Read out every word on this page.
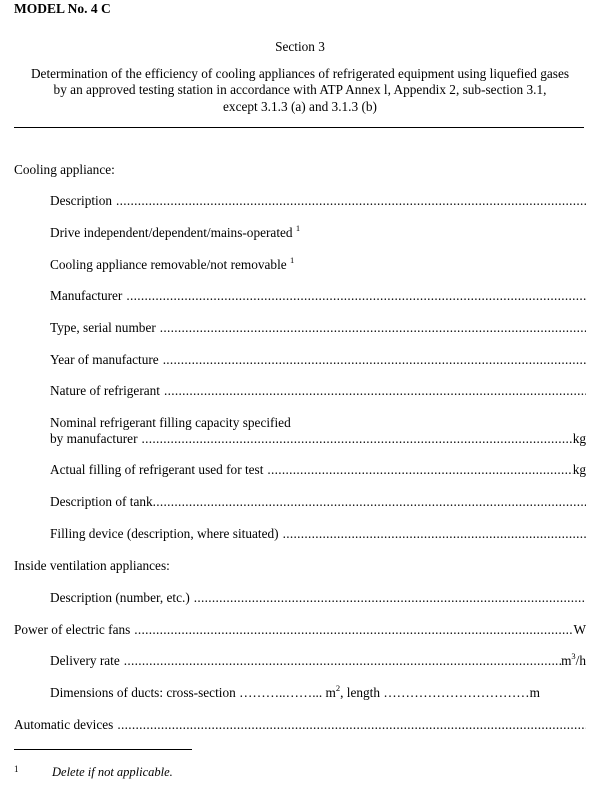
MODEL No. 4 C
Section 3
Determination of the efficiency of cooling appliances of refrigerated equipment using liquefied gases
by an approved testing station in accordance with ATP Annex l, Appendix 2, sub-section 3.1,
except 3.1.3 (a) and 3.1.3 (b)
Cooling appliance:
Description
.....
Drive independent/dependent/mains-operated $^1$
Cooling appliance removable/not removable $^1$
Manufacturer
.....
Type, serial number
.....
Year of manufacture
.....
Nature of refrigerant
.....
Nominal refrigerant filling capacity specified
by manufacturer .....	kg
Actual filling of refrigerant used for test .....	kg
Description of tank
.....
Filling device (description, where situated)
.....
Inside ventilation appliances:
Description (number, etc.)
.....
Power of electric fans .....	W
Delivery rate .....	$m^3/h$
Dimensions of ducts: cross-section ………..……... $m^2$, length ……………………………m
Automatic devices
.....
$^1$	Delete if not applicable.
